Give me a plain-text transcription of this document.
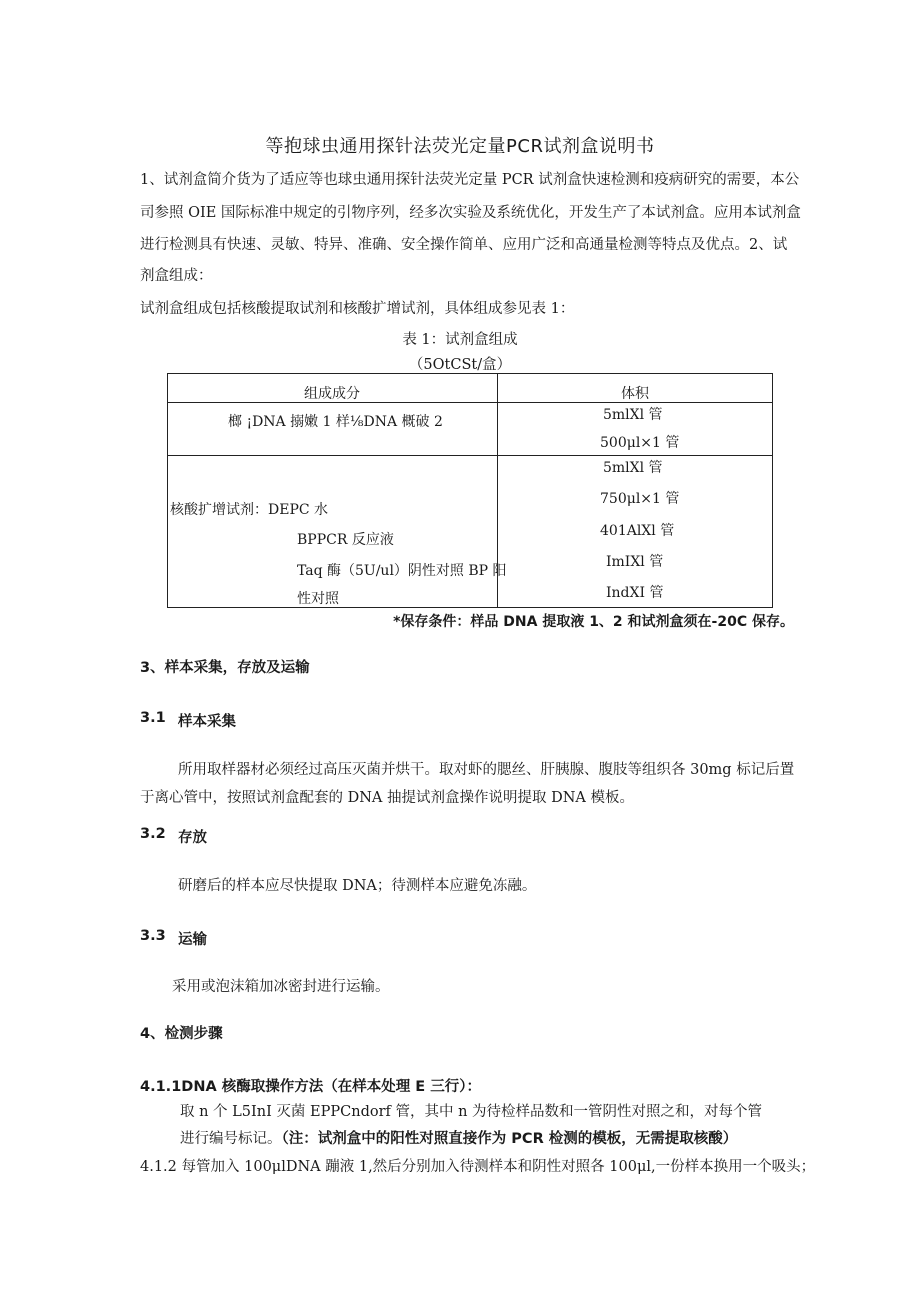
等抱球虫通用探针法荧光定量PCR试剂盒说明书
1、试剂盒简介货为了适应等也球虫通用探针法荧光定量 PCR 试剂盒快速检测和疫病研究的需要，本公
司参照 OIE 国际标准中规定的引物序列，经多次实验及系统优化，开发生产了本试剂盒。应用本试剂盒
进行检测具有快速、灵敏、特异、准确、安全操作简单、应用广泛和高通量检测等特点及优点。2、试
剂盒组成：
试剂盒组成包括核酸提取试剂和核酸扩增试剂，具体组成参见表 1：
表 1：试剂盒组成
（5OtCSt/盒）
组成成分	体积
榔 ¡DNA 搦嫩 1 样⅛DNA 概破 2	5mlXl 管
500μl×1 管
核酸扩增试剂：DEPC 水
BPPCR 反应液
Taq 酶（5U∕ul）阴性对照 BP 阳
性对照
5mlXl 管
750μl×1 管
401AlXl 管
ImIXl 管
IndXI 管
*保存条件：样品 DNA 提取液 1、2 和试剂盒须在-20C 保存。
3、样本采集，存放及运输
3.1 样本采集
所用取样器材必须经过高压灭菌并烘干。取对虾的腮丝、肝胰腺、腹肢等组织各 30mg 标记后置
于离心管中，按照试剂盒配套的 DNA 抽提试剂盒操作说明提取 DNA 模板。
3.2 存放
研磨后的样本应尽快提取 DNA；待测样本应避免冻融。
3.3 运输
采用或泡沫箱加冰密封进行运输。
4、检测步骤
4.1.1DNA 核酶取操作方法（在样本处理 E 三行）：
取 n 个 L5InI 灭菌 EPPCndorf 管，其中 n 为待检样品数和一管阴性对照之和，对每个管
进行编号标记。（注：试剂盒中的阳性对照直接作为 PCR 检测的模板，无需提取核酸）
4.1.2 每管加入 100μlDNA 蹦液 1,然后分别加入待测样本和阴性对照各 100μl,一份样本换用一个吸头；
